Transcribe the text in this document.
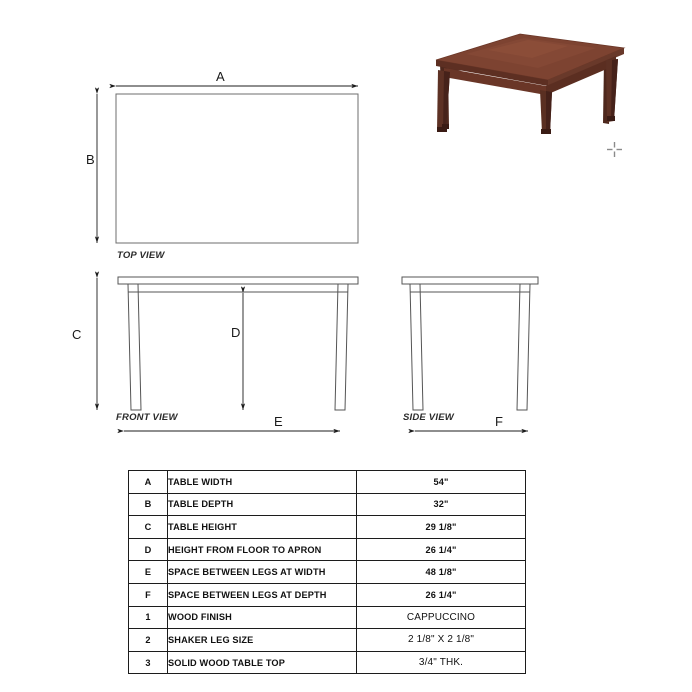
A
B
C	D
E	F
TOP VIEW
FRONT VIEW	SIDE VIEW
A	TABLE WIDTH	54"
B	TABLE DEPTH	32"
C	TABLE HEIGHT	29 1/8"
D	HEIGHT FROM FLOOR TO APRON	26 1/4"
E	SPACE BETWEEN LEGS AT WIDTH	48 1/8"
F	SPACE BETWEEN LEGS AT DEPTH	26 1/4"
1	WOOD FINISH	CAPPUCCINO
2	SHAKER LEG SIZE	2 1/8" X 2 1/8"
3	SOLID WOOD TABLE TOP	3/4" THK.
